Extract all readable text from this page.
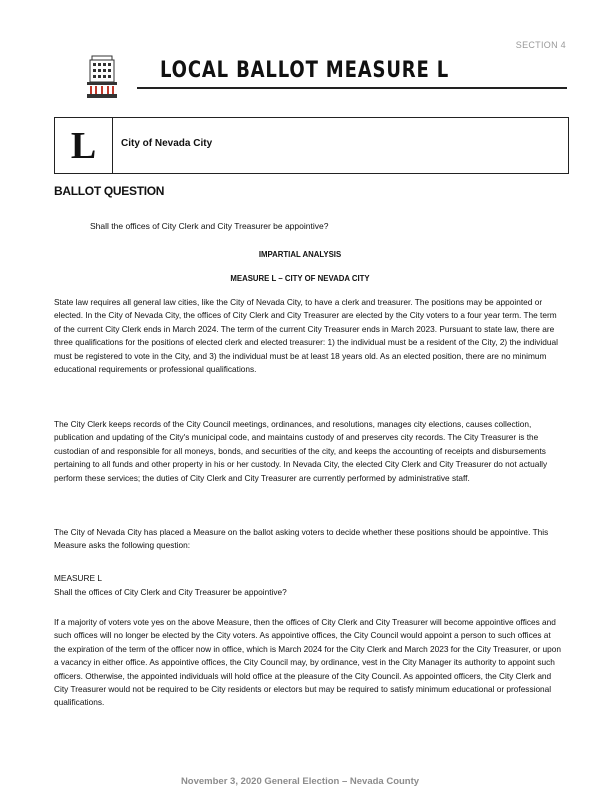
SECTION 4
LOCAL BALLOT MEASURE L
L	City of Nevada City
BALLOT QUESTION
Shall the offices of City Clerk and City Treasurer be appointive?
IMPARTIAL ANALYSIS
MEASURE L – CITY OF NEVADA CITY
State law requires all general law cities, like the City of Nevada City, to have a clerk and treasurer. The positions may be appointed or elected. In the City of Nevada City, the offices of City Clerk and City Treasurer are elected by the City voters to a four year term. The term of the current City Clerk ends in March 2024. The term of the current City Treasurer ends in March 2023. Pursuant to state law, there are three qualifications for the positions of elected clerk and elected treasurer: 1) the individual must be a resident of the City, 2) the individual must be registered to vote in the City, and 3) the individual must be at least 18 years old. As an elected position, there are no minimum educational requirements or professional qualifications.
The City Clerk keeps records of the City Council meetings, ordinances, and resolutions, manages city elections, causes collection, publication and updating of the City's municipal code, and maintains custody of and preserves city records. The City Treasurer is the custodian of and responsible for all moneys, bonds, and securities of the city, and keeps the accounting of receipts and disbursements pertaining to all funds and other property in his or her custody. In Nevada City, the elected City Clerk and City Treasurer do not actually perform these services; the duties of City Clerk and City Treasurer are currently performed by administrative staff.
The City of Nevada City has placed a Measure on the ballot asking voters to decide whether these positions should be appointive. This Measure asks the following question:
MEASURE L
Shall the offices of City Clerk and City Treasurer be appointive?
If a majority of voters vote yes on the above Measure, then the offices of City Clerk and City Treasurer will become appointive offices and such offices will no longer be elected by the City voters. As appointive offices, the City Council would appoint a person to such offices at the expiration of the term of the officer now in office, which is March 2024 for the City Clerk and March 2023 for the City Treasurer, or upon a vacancy in either office. As appointive offices, the City Council may, by ordinance, vest in the City Manager its authority to appoint such officers. Otherwise, the appointed individuals will hold office at the pleasure of the City Council. As appointed officers, the City Clerk and City Treasurer would not be required to be City residents or electors but may be required to satisfy minimum educational or professional qualifications.
November 3, 2020 General Election – Nevada County
